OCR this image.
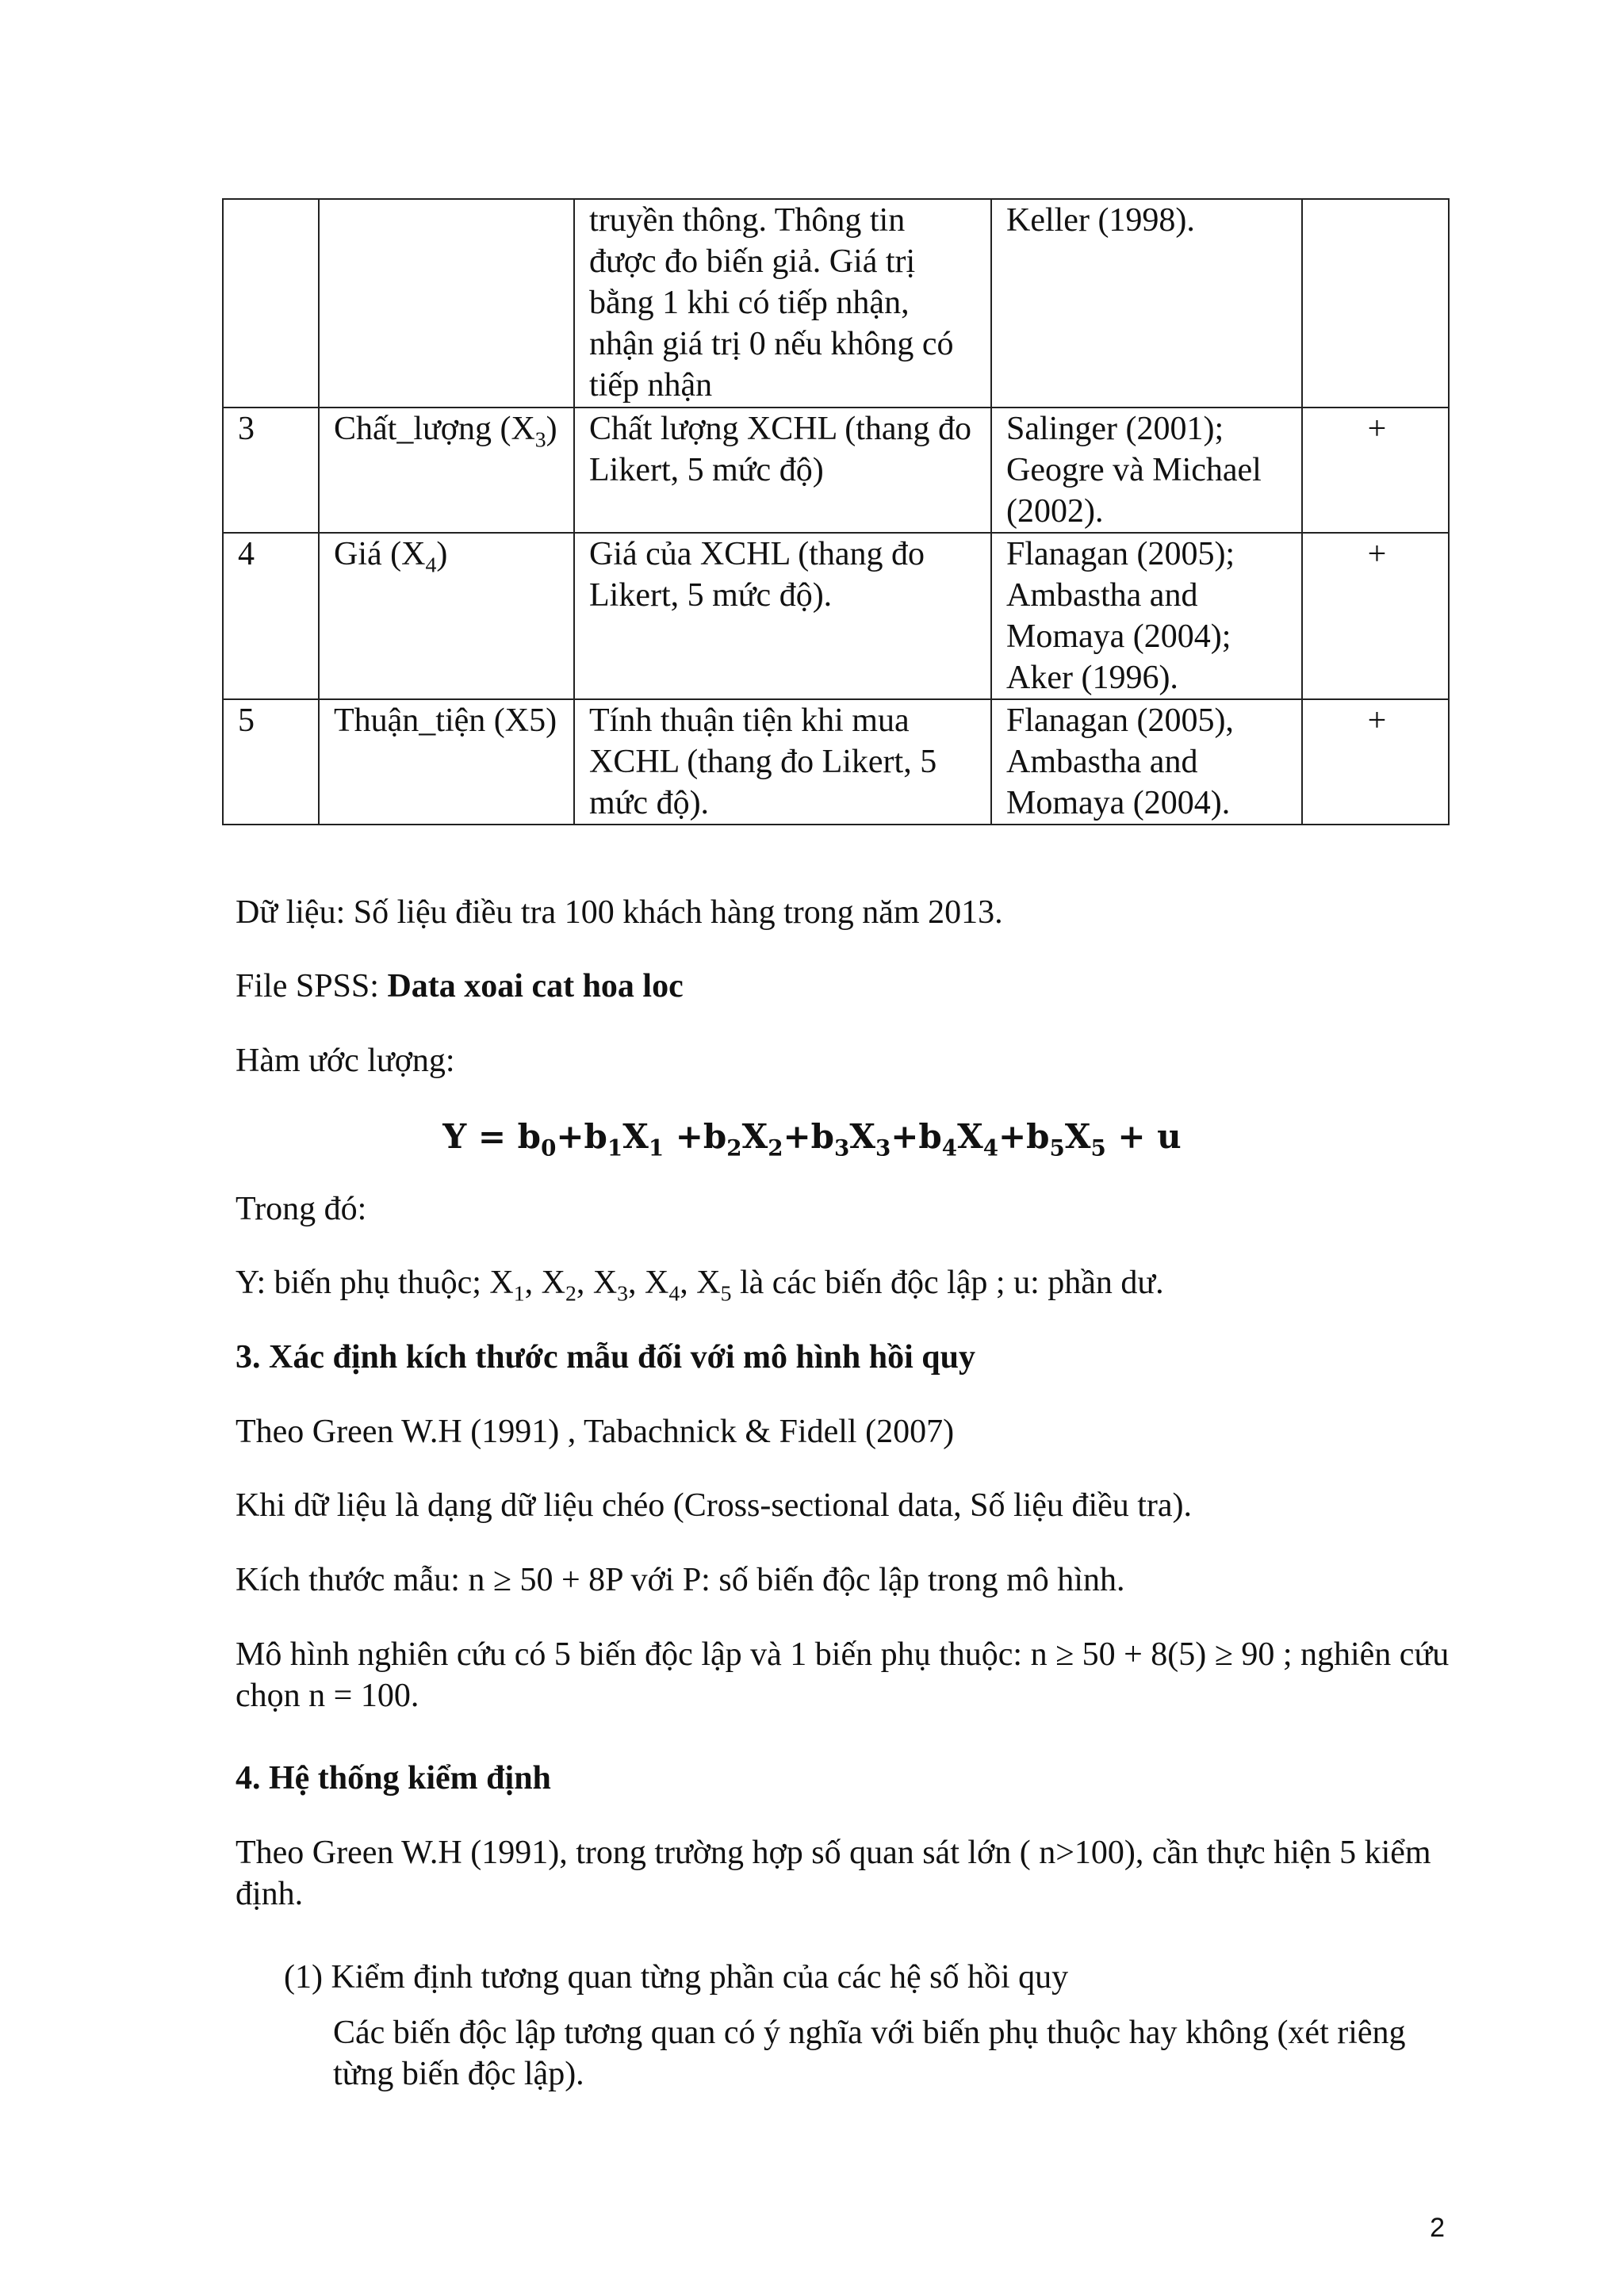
		truyền thông. Thông tin được đo biến giả. Giá trị bằng 1 khi có tiếp nhận, nhận giá trị 0 nếu không có tiếp nhận	Keller (1998).	
3	Chất_lượng $(X_3)$	Chất lượng XCHL (thang đo Likert, 5 mức độ)	Salinger (2001); Geogre và Michael (2002).	+
4	Giá $(X_4)$	Giá của XCHL (thang đo Likert, 5 mức độ).	Flanagan (2005); Ambastha and Momaya (2004); Aker (1996).	+
5	Thuận_tiện (X5)	Tính thuận tiện khi mua XCHL (thang đo Likert, 5 mức độ).	Flanagan (2005), Ambastha and Momaya (2004).	+

Dữ liệu: Số liệu điều tra 100 khách hàng trong năm 2013.

File SPSS: Data xoai cat hoa loc

Hàm ước lượng:

$Y = b_0+b_1X_1 +b_2X_2+b_3X_3+b_4X_4+b_5X_5 + u$

Trong đó:

Y: biến phụ thuộc; $X_1$, $X_2$, $X_3$, $X_4$, $X_5$ là các biến độc lập ; u: phần dư.

3. Xác định kích thước mẫu đối với mô hình hồi quy

Theo Green W.H (1991) , Tabachnick & Fidell (2007)

Khi dữ liệu là dạng dữ liệu chéo (Cross-sectional data, Số liệu điều tra).

Kích thước mẫu: n ≥ 50 + 8P với P: số biến độc lập trong mô hình.

Mô hình nghiên cứu có 5 biến độc lập và 1 biến phụ thuộc: n ≥ 50 + 8(5) ≥ 90 ; nghiên cứu chọn n = 100.

4. Hệ thống kiểm định

Theo Green W.H (1991), trong trường hợp số quan sát lớn ( n>100), cần thực hiện 5 kiểm định.

(1) Kiểm định tương quan từng phần của các hệ số hồi quy

Các biến độc lập tương quan có ý nghĩa với biến phụ thuộc hay không (xét riêng từng biến độc lập).

2
